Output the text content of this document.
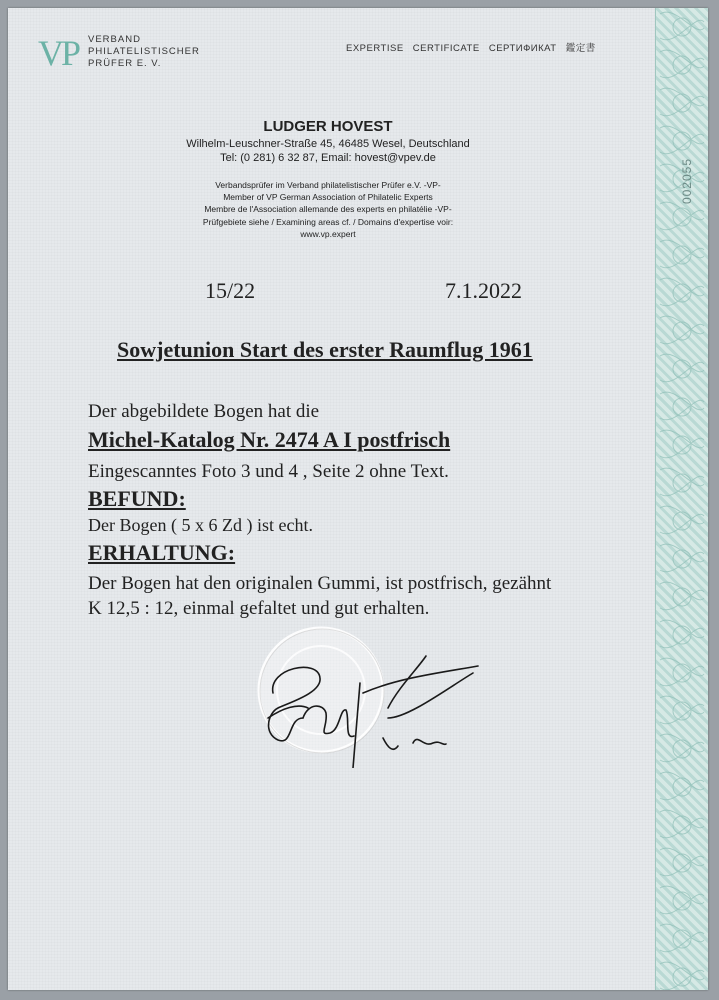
002055
VP VERBAND
PHILATELISTISCHER
PRÜFER E. V.
EXPERTISE CERTIFICATE СЕРТИФИКАТ 鑑定書
LUDGER HOVEST
Wilhelm-Leuschner-Straße 45, 46485 Wesel, Deutschland
Tel: (0 281) 6 32 87, Email: hovest@vpev.de
Verbandsprüfer im Verband philatelistischer Prüfer e.V. -VP-
Member of VP German Association of Philatelic Experts
Membre de l'Association allemande des experts en philatélie -VP-
Prüfgebiete siehe / Examining areas cf. / Domains d'expertise voir:
www.vp.expert
15/22	7.1.2022
Sowjetunion Start des erster Raumflug 1961
Der abgebildete Bogen hat die
Michel-Katalog Nr. 2474 A I postfrisch
Eingescanntes Foto 3 und 4 , Seite 2 ohne Text.
BEFUND:
Der Bogen ( 5 x 6 Zd ) ist echt.
ERHALTUNG:
Der Bogen hat den originalen Gummi, ist postfrisch, gezähnt
K 12,5 : 12, einmal gefaltet und gut erhalten.
